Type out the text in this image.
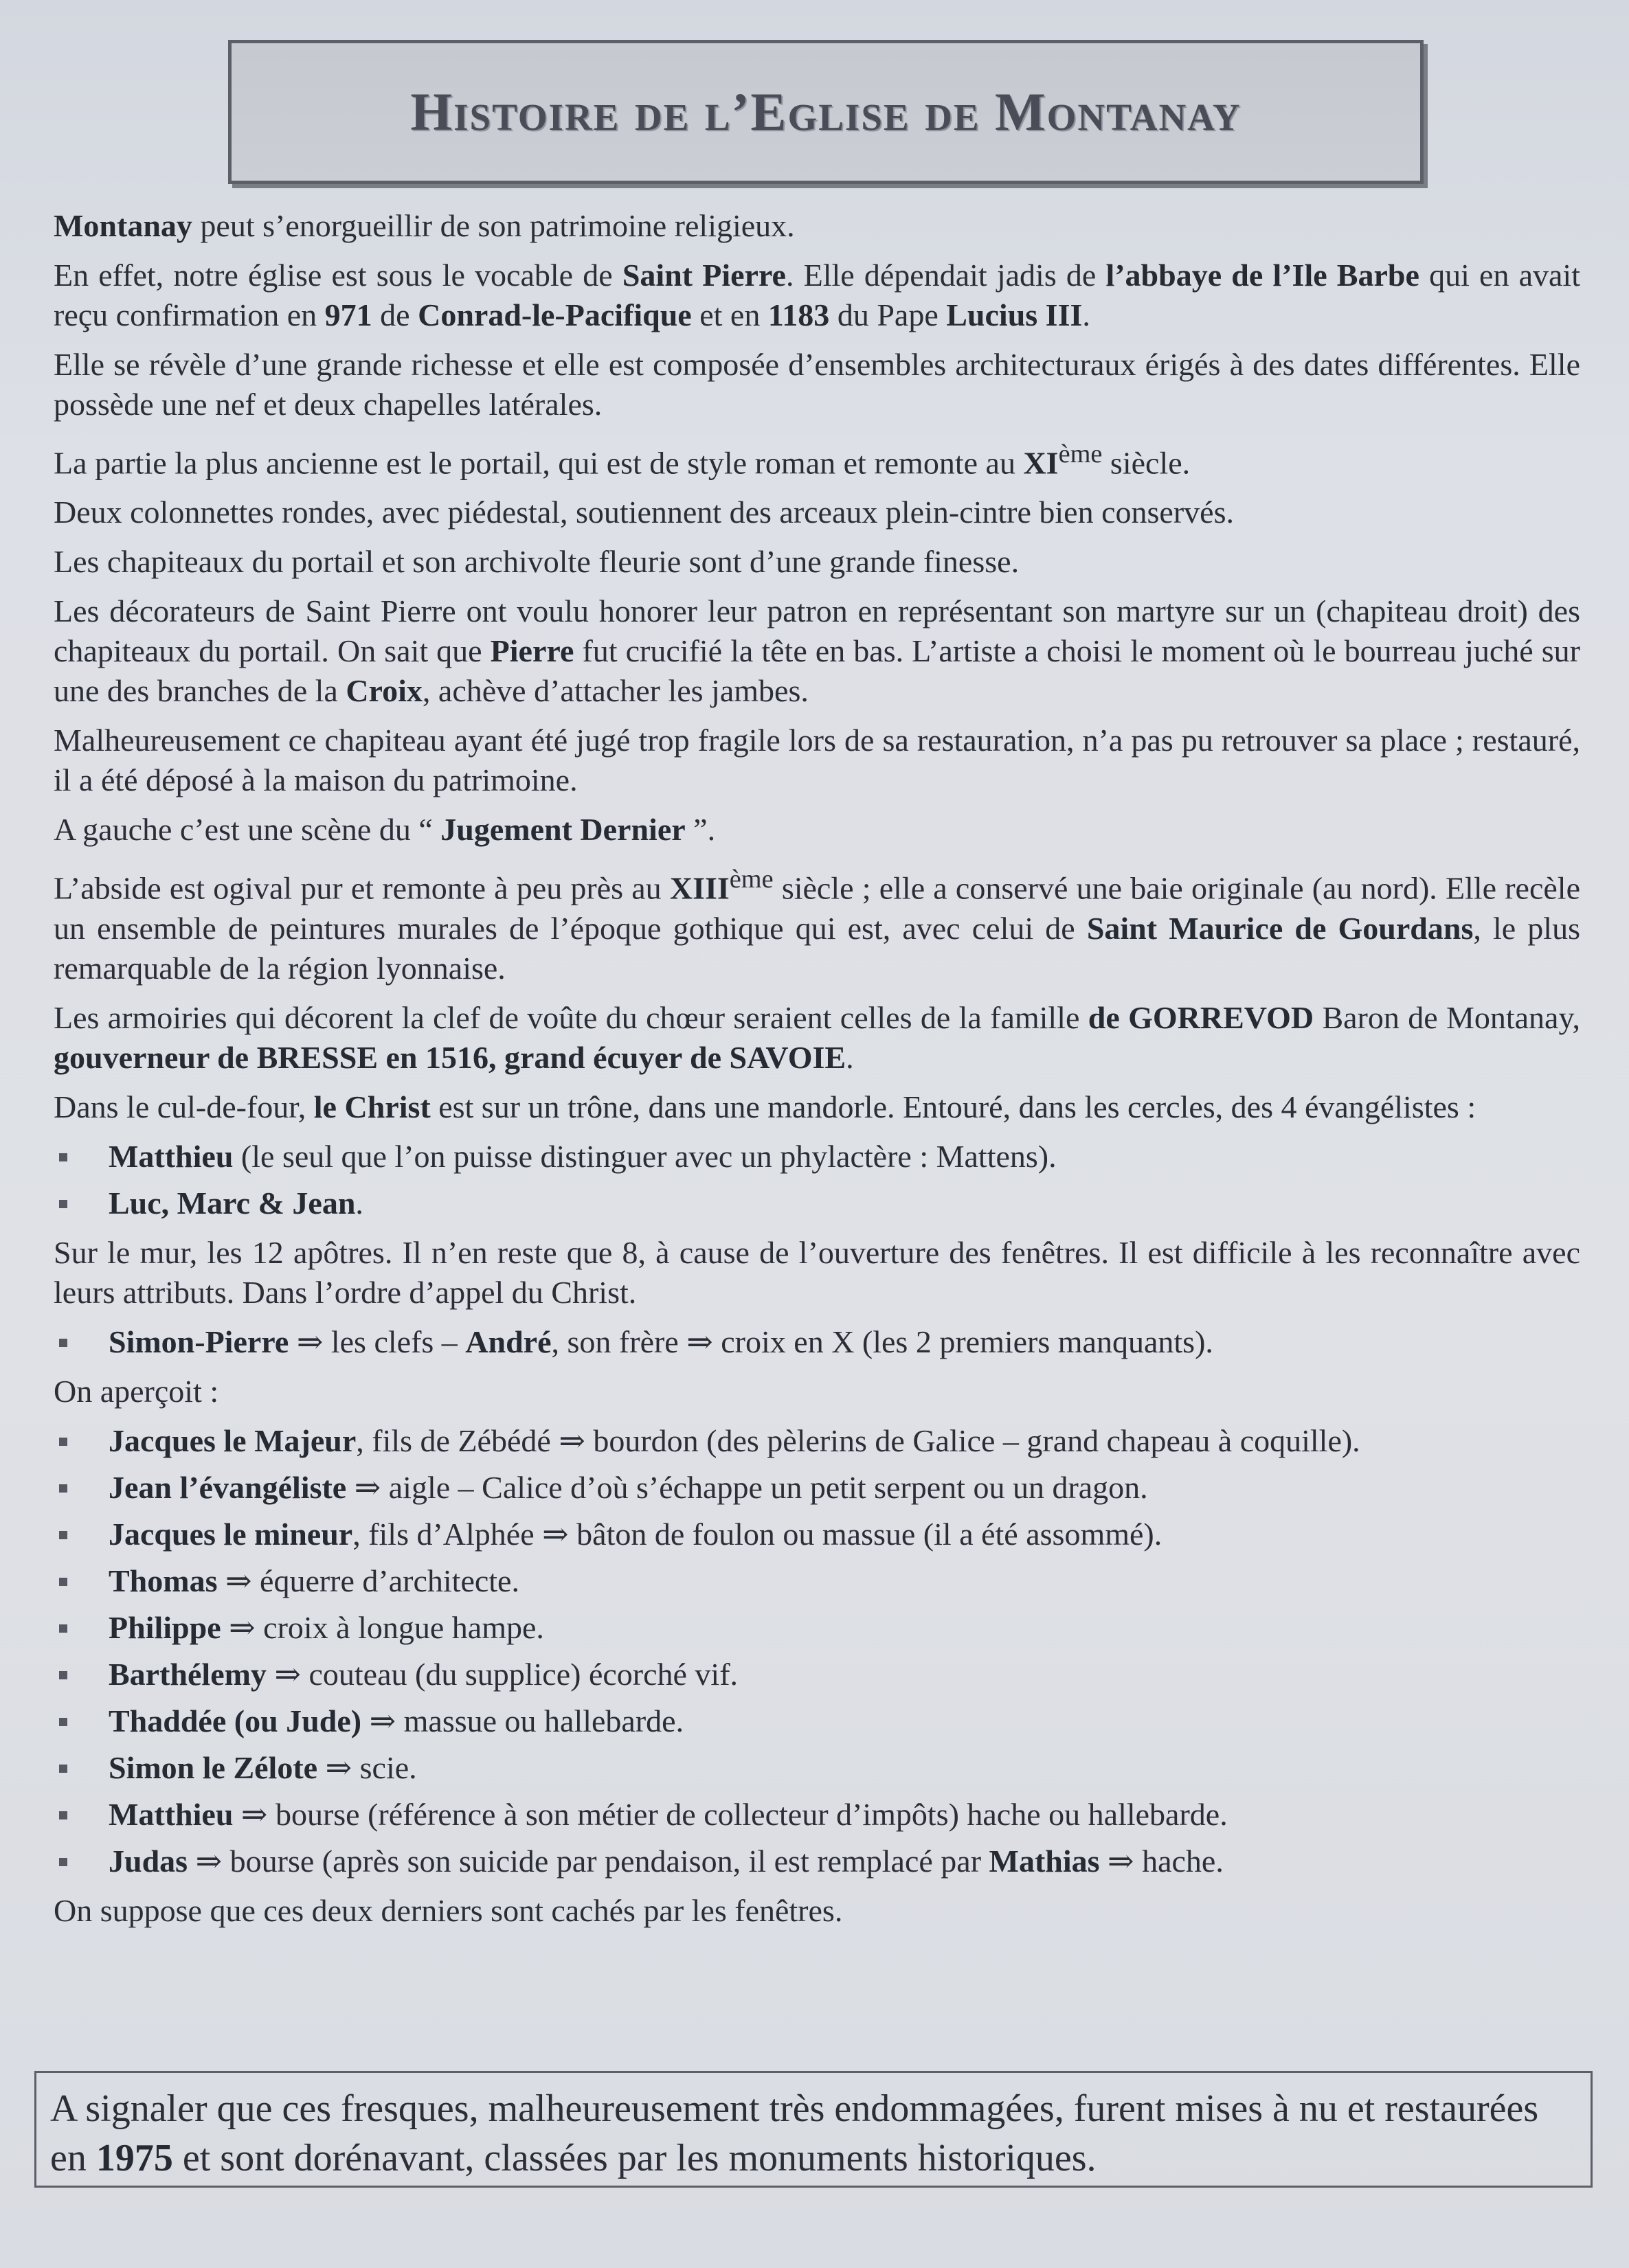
Histoire de l’Eglise de Montanay

Montanay peut s’enorgueillir de son patrimoine religieux.

En effet, notre église est sous le vocable de Saint Pierre. Elle dépendait jadis de l’abbaye de l’Ile Barbe qui en avait reçu confirmation en 971 de Conrad-le-Pacifique et en 1183 du Pape Lucius III.

Elle se révèle d’une grande richesse et elle est composée d’ensembles architecturaux érigés à des dates différentes. Elle possède une nef et deux chapelles latérales.

La partie la plus ancienne est le portail, qui est de style roman et remonte au XIème siècle.

Deux colonnettes rondes, avec piédestal, soutiennent des arceaux plein-cintre bien conservés.

Les chapiteaux du portail et son archivolte fleurie sont d’une grande finesse.

Les décorateurs de Saint Pierre ont voulu honorer leur patron en représentant son martyre sur un (chapiteau droit) des chapiteaux du portail. On sait que Pierre fut crucifié la tête en bas. L’artiste a choisi le moment où le bourreau juché sur une des branches de la Croix, achève d’attacher les jambes.

Malheureusement ce chapiteau ayant été jugé trop fragile lors de sa restauration, n’a pas pu retrouver sa place ; restauré, il a été déposé à la maison du patrimoine.

A gauche c’est une scène du “ Jugement Dernier ”.

L’abside est ogival pur et remonte à peu près au XIIIème siècle ; elle a conservé une baie originale (au nord). Elle recèle un ensemble de peintures murales de l’époque gothique qui est, avec celui de Saint Maurice de Gourdans, le plus remarquable de la région lyonnaise.

Les armoiries qui décorent la clef de voûte du chœur seraient celles de la famille de GORREVOD Baron de Montanay, gouverneur de BRESSE en 1516, grand écuyer de SAVOIE.

Dans le cul-de-four, le Christ est sur un trône, dans une mandorle. Entouré, dans les cercles, des 4 évangélistes :

Matthieu (le seul que l’on puisse distinguer avec un phylactère : Mattens).
Luc, Marc & Jean.

Sur le mur, les 12 apôtres. Il n’en reste que 8, à cause de l’ouverture des fenêtres. Il est difficile à les reconnaître avec leurs attributs. Dans l’ordre d’appel du Christ.

Simon-Pierre ⇒ les clefs – André, son frère ⇒ croix en X (les 2 premiers manquants).

On aperçoit :

Jacques le Majeur, fils de Zébédé ⇒ bourdon (des pèlerins de Galice – grand chapeau à coquille).
Jean l’évangéliste ⇒ aigle – Calice d’où s’échappe un petit serpent ou un dragon.
Jacques le mineur, fils d’Alphée ⇒ bâton de foulon ou massue (il a été assommé).
Thomas ⇒ équerre d’architecte.
Philippe ⇒ croix à longue hampe.
Barthélemy ⇒ couteau (du supplice) écorché vif.
Thaddée (ou Jude) ⇒ massue ou hallebarde.
Simon le Zélote ⇒ scie.
Matthieu ⇒ bourse (référence à son métier de collecteur d’impôts) hache ou hallebarde.
Judas ⇒ bourse (après son suicide par pendaison, il est remplacé par Mathias ⇒ hache.

On suppose que ces deux derniers sont cachés par les fenêtres.

A signaler que ces fresques, malheureusement très endommagées, furent mises à nu et restaurées en 1975 et sont dorénavant, classées par les monuments historiques.
